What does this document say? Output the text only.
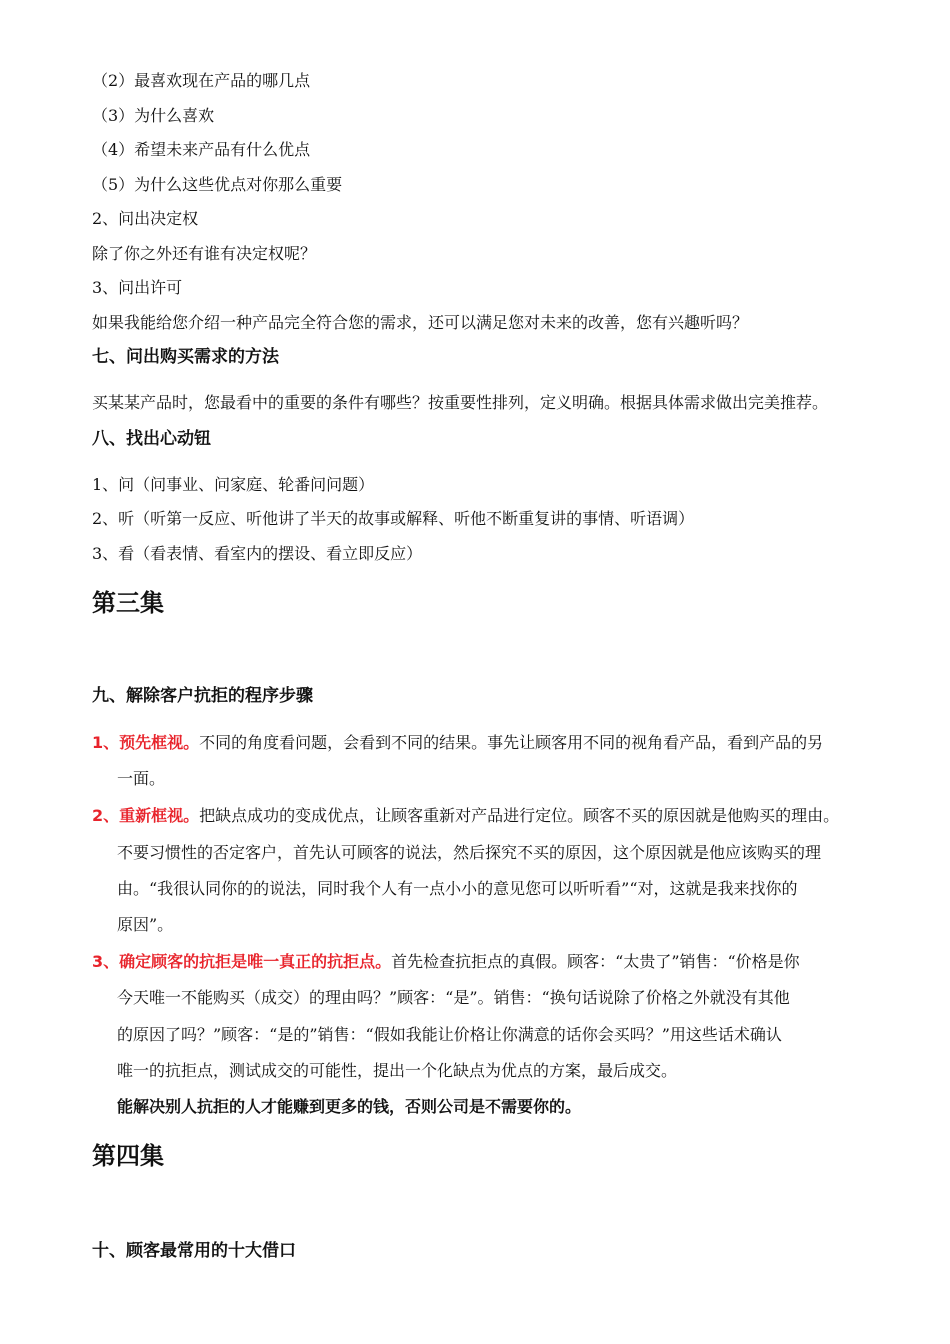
（2）最喜欢现在产品的哪几点
（3）为什么喜欢
（4）希望未来产品有什么优点
（5）为什么这些优点对你那么重要
2、问出决定权
除了你之外还有谁有决定权呢？
3、问出许可
如果我能给您介绍一种产品完全符合您的需求，还可以满足您对未来的改善，您有兴趣听吗？
七、问出购买需求的方法
买某某产品时，您最看中的重要的条件有哪些？按重要性排列，定义明确。根据具体需求做出完美推荐。
八、找出心动钮
1、问（问事业、问家庭、轮番问问题）
2、听（听第一反应、听他讲了半天的故事或解释、听他不断重复讲的事情、听语调）
3、看（看表情、看室内的摆设、看立即反应）
第三集
九、解除客户抗拒的程序步骤
1、预先框视。不同的角度看问题，会看到不同的结果。事先让顾客用不同的视角看产品，看到产品的另
一面。
2、重新框视。把缺点成功的变成优点，让顾客重新对产品进行定位。顾客不买的原因就是他购买的理由。
不要习惯性的否定客户，首先认可顾客的说法，然后探究不买的原因，这个原因就是他应该购买的理
由。“我很认同你的的说法，同时我个人有一点小小的意见您可以听听看”“对，这就是我来找你的
原因”。
3、确定顾客的抗拒是唯一真正的抗拒点。首先检查抗拒点的真假。顾客：“太贵了”销售：“价格是你
今天唯一不能购买（成交）的理由吗？”顾客：“是”。销售：“换句话说除了价格之外就没有其他
的原因了吗？”顾客：“是的”销售：“假如我能让价格让你满意的话你会买吗？”用这些话术确认
唯一的抗拒点，测试成交的可能性，提出一个化缺点为优点的方案，最后成交。
能解决别人抗拒的人才能赚到更多的钱，否则公司是不需要你的。
第四集
十、顾客最常用的十大借口
